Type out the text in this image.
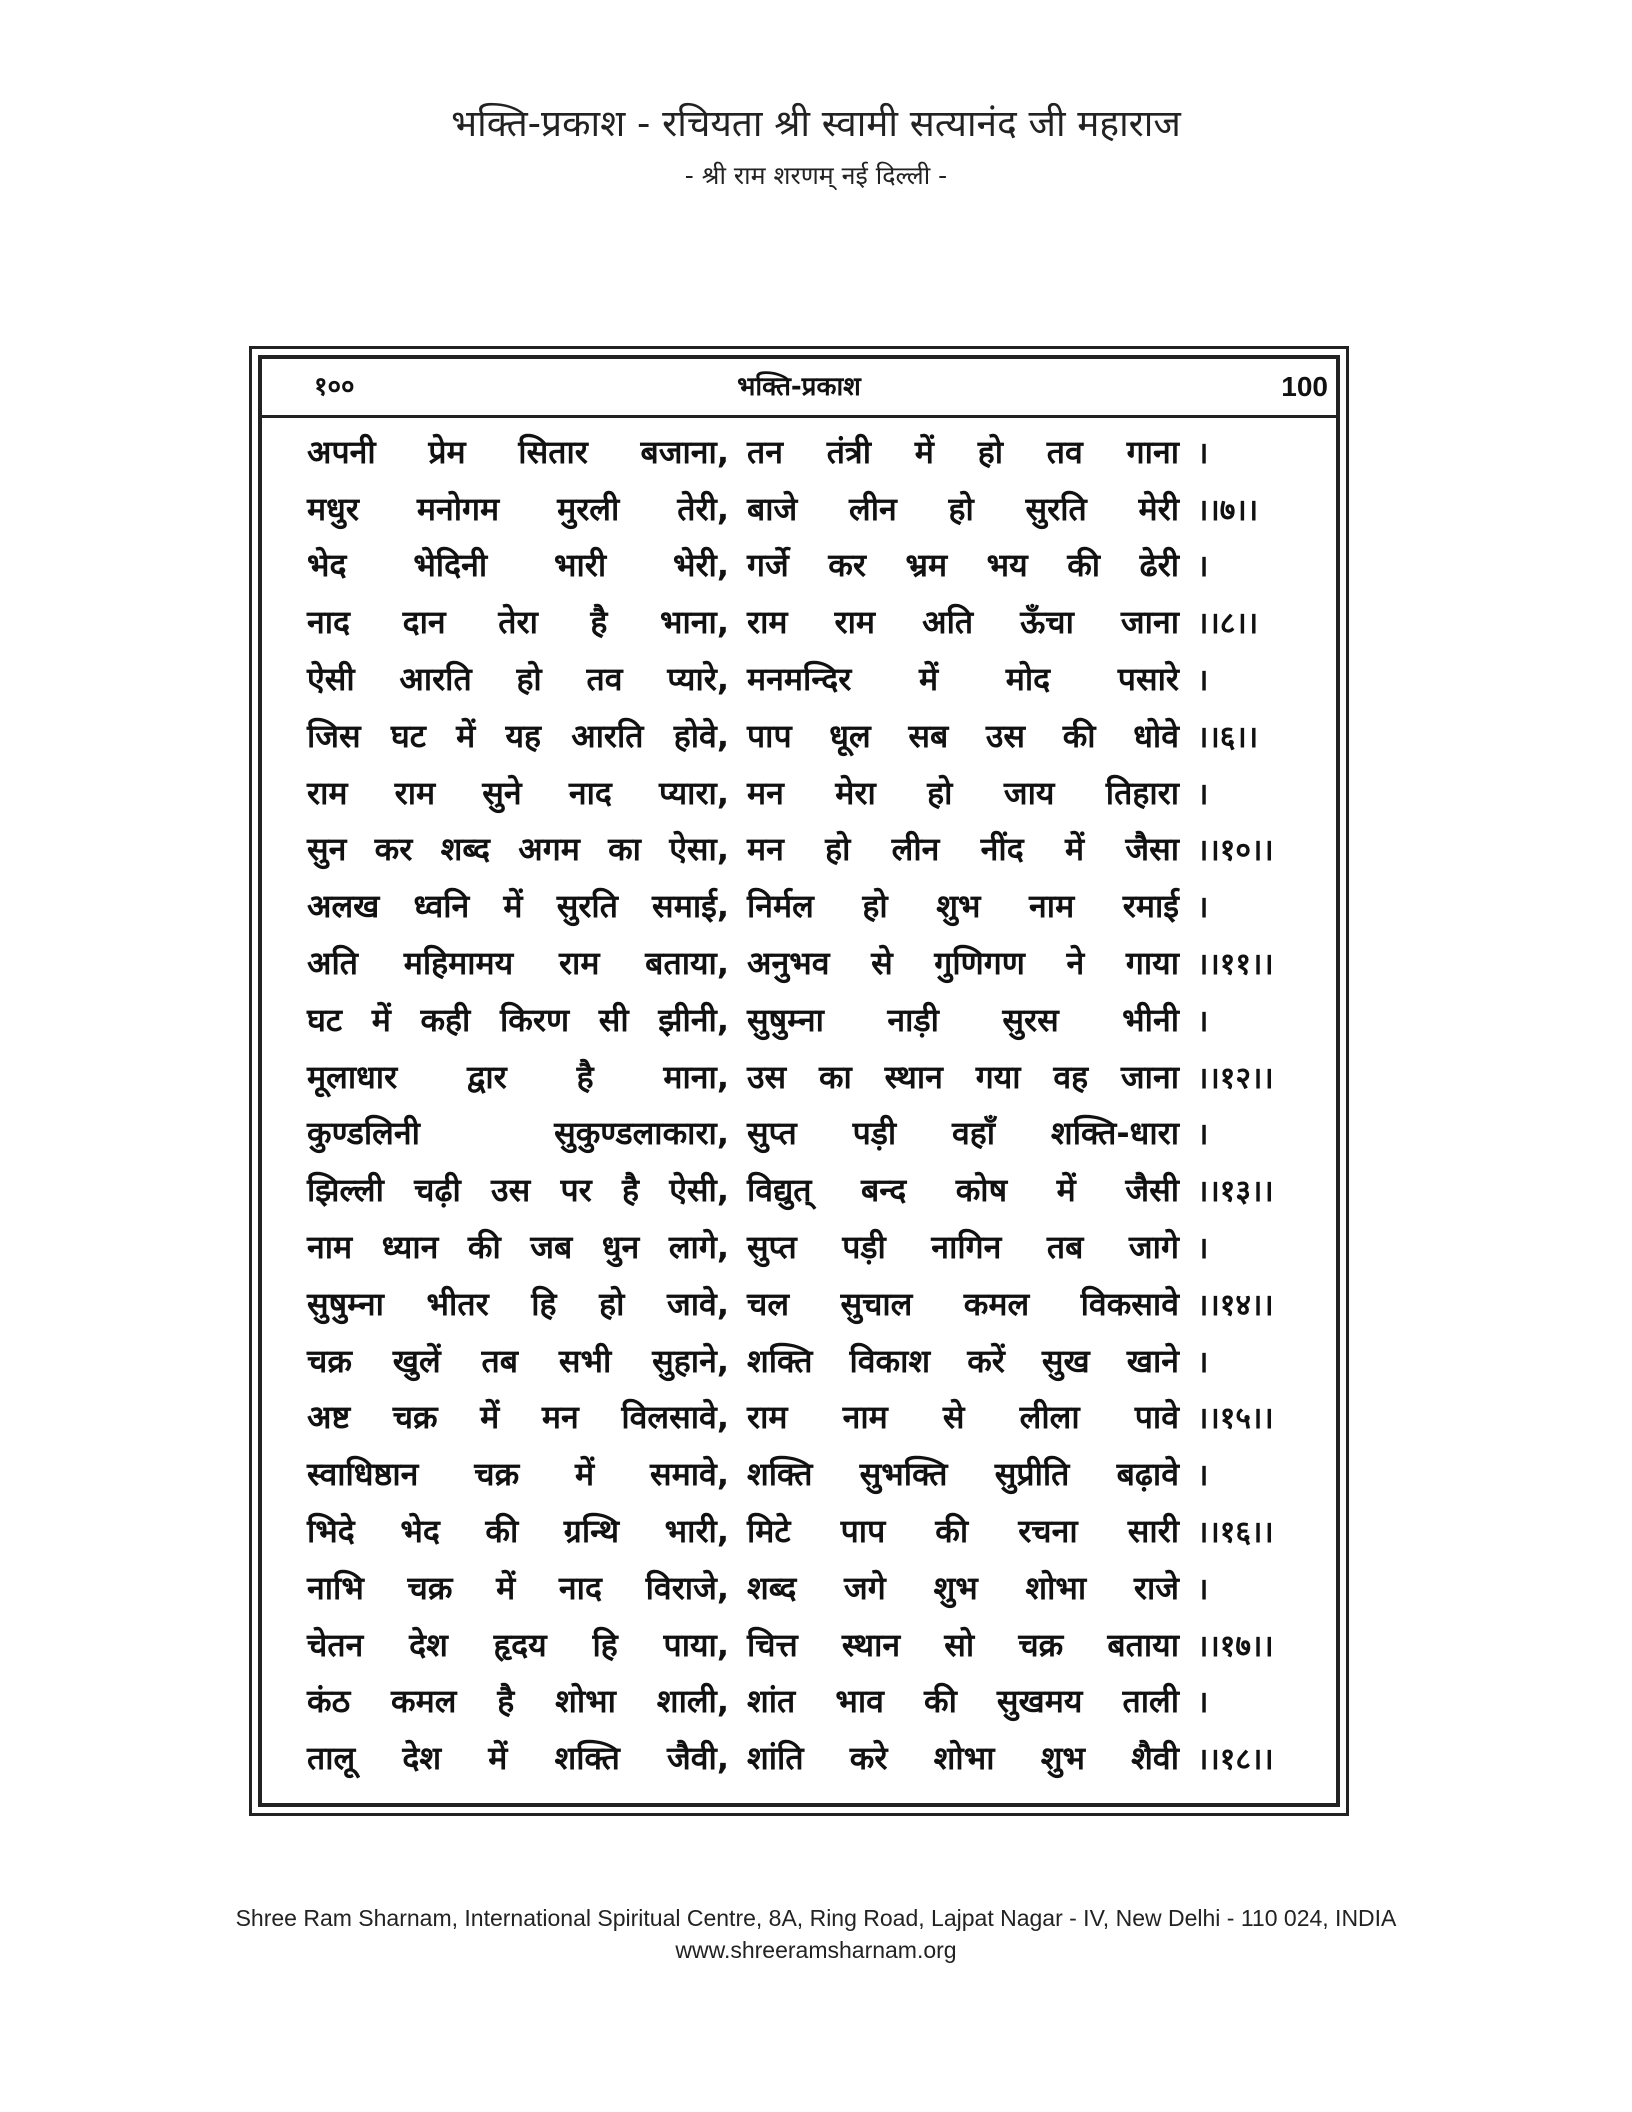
भक्ति-प्रकाश - रचियता श्री स्वामी सत्यानंद जी महाराज
- श्री राम शरणम् नई दिल्ली -
१००	भक्ति-प्रकाश	100
अपनी प्रेम सितार बजाना, तन तंत्री में हो तव गाना ।
मधुर मनोगम मुरली तेरी, बाजे लीन हो सुरति मेरी ।।७।।
भेद भेदिनी भारी भेरी, गर्जे कर भ्रम भय की ढेरी ।
नाद दान तेरा है भाना, राम राम अति ऊँचा जाना ।।८।।
ऐसी आरति हो तव प्यारे, मनमन्दिर में मोद पसारे ।
जिस घट में यह आरति होवे, पाप धूल सब उस की धोवे ।।६।।
राम राम सुने नाद प्यारा, मन मेरा हो जाय तिहारा ।
सुन कर शब्द अगम का ऐसा, मन हो लीन नींद में जैसा ।।१०।।
अलख ध्वनि में सुरति समाई, निर्मल हो शुभ नाम रमाई ।
अति महिमामय राम बताया, अनुभव से गुणिगण ने गाया ।।११।।
घट में कही किरण सी झीनी, सुषुम्ना नाड़ी सुरस भीनी ।
मूलाधार द्वार है माना, उस का स्थान गया वह जाना ।।१२।।
कुण्डलिनी सुकुण्डलाकारा, सुप्त पड़ी वहाँ शक्ति-धारा ।
झिल्ली चढ़ी उस पर है ऐसी, विद्युत् बन्द कोष में जैसी ।।१३।।
नाम ध्यान की जब धुन लागे, सुप्त पड़ी नागिन तब जागे ।
सुषुम्ना भीतर हि हो जावे, चल सुचाल कमल विकसावे ।।१४।।
चक्र खुलें तब सभी सुहाने, शक्ति विकाश करें सुख खाने ।
अष्ट चक्र में मन विलसावे, राम नाम से लीला पावे ।।१५।।
स्वाधिष्ठान चक्र में समावे, शक्ति सुभक्ति सुप्रीति बढ़ावे ।
भिदे भेद की ग्रन्थि भारी, मिटे पाप की रचना सारी ।।१६।।
नाभि चक्र में नाद विराजे, शब्द जगे शुभ शोभा राजे ।
चेतन देश हृदय हि पाया, चित्त स्थान सो चक्र बताया ।।१७।।
कंठ कमल है शोभा शाली, शांत भाव की सुखमय ताली ।
तालू देश में शक्ति जैवी, शांति करे शोभा शुभ शैवी ।।१८।।
Shree Ram Sharnam, International Spiritual Centre, 8A, Ring Road, Lajpat Nagar - IV, New Delhi - 110 024, INDIA
www.shreeramsharnam.org
